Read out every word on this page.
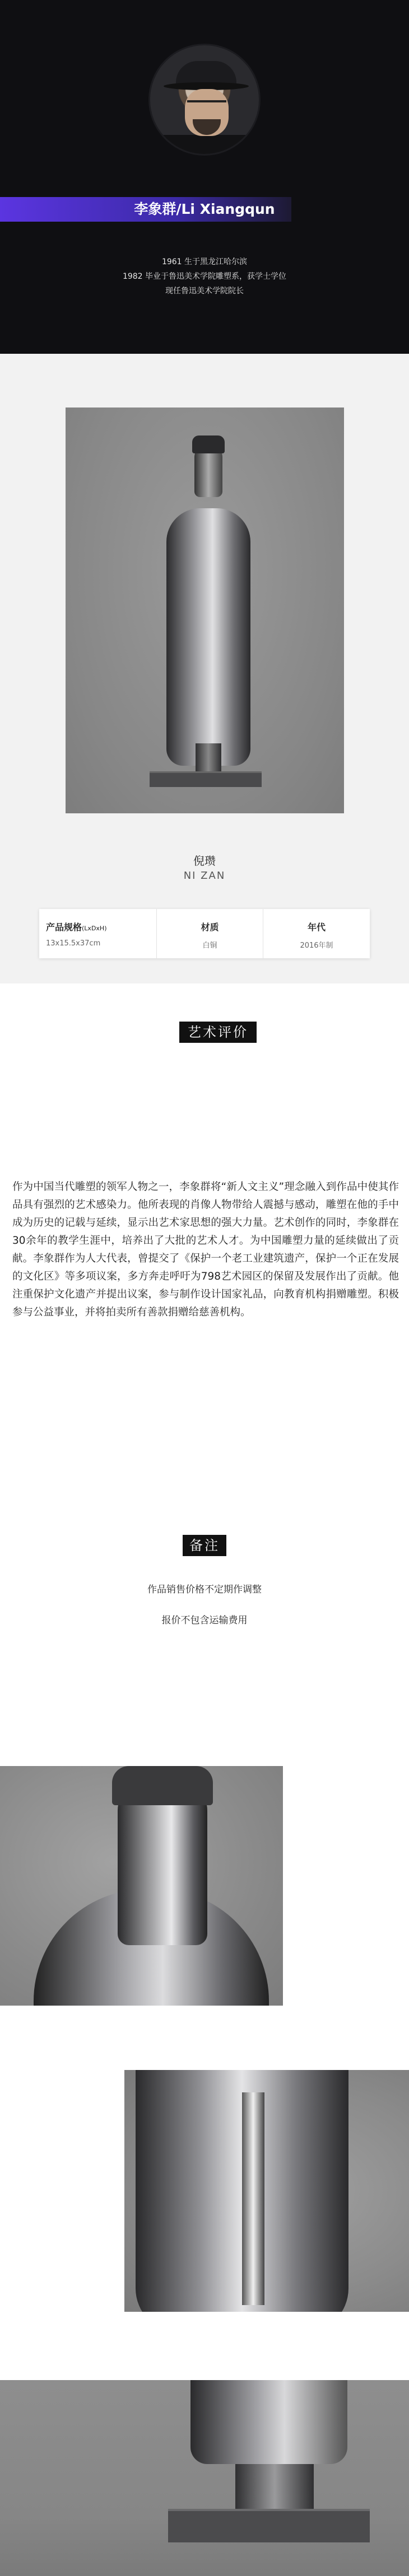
李象群/Li Xiangqun
1961 生于黑龙江哈尔滨
1982 毕业于鲁迅美术学院雕塑系，获学士学位
现任鲁迅美术学院院长
倪瓒
NI ZAN
产品规格(LxDxH)
13x15.5x37cm
材质
白铜
年代
2016年制
艺术评价

作为中国当代雕塑的领军人物之一，李象群将“新人文主义”理念融入到作品中使其作品具有强烈的艺术感染力。他所表现的肖像人物带给人震撼与感动，雕塑在他的手中成为历史的记载与延续，显示出艺术家思想的强大力量。艺术创作的同时，李象群在30余年的教学生涯中，培养出了大批的艺术人才。为中国雕塑力量的延续做出了贡献。李象群作为人大代表，曾提交了《保护一个老工业建筑遗产，保护一个正在发展的文化区》等多项议案，多方奔走呼吁为798艺术园区的保留及发展作出了贡献。他注重保护文化遗产并提出议案，参与制作设计国家礼品，向教育机构捐赠雕塑。积极参与公益事业，并将拍卖所有善款捐赠给慈善机构。

备注
作品销售价格不定期作调整
报价不包含运输费用
